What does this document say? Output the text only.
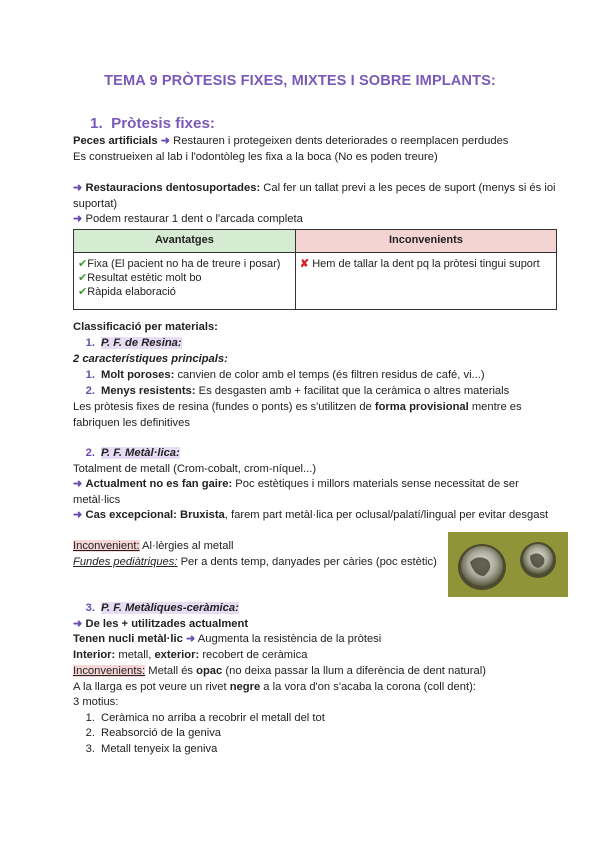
TEMA 9 PRÒTESIS FIXES, MIXTES I SOBRE IMPLANTS:
1. Pròtesis fixes:
Peces artificials ➜ Restauren i protegeixen dents deteriorades o reemplacen perdudes
Es construeixen al lab i l'odontòleg les fixa a la boca (No es poden treure)
➜ Restauracions dentosuportades: Cal fer un tallat previ a les peces de suport (menys si és ioi suportat)
➜ Podem restaurar 1 dent o l'arcada completa
Avantatges	Inconvenients

✔Fixa (El pacient no ha de treure i posar)
✔Resultat estètic molt bo
✔Ràpida elaboració	✘ Hem de tallar la dent pq la pròtesi tingui suport
Classificació per materials:
1. P. F. de Resina:
2 característiques principals:
1. Molt poroses: canvien de color amb el temps (és filtren residus de café, vi...)
2. Menys resistents: Es desgasten amb + facilitat que la ceràmica o altres materials
Les pròtesis fixes de resina (fundes o ponts) es s'utilitzen de forma provisional mentre es fabriquen les definitives
2. P. F. Metàl·lica:
Totalment de metall (Crom-cobalt, crom-níquel...)
➜ Actualment no es fan gaire: Poc estètiques i millors materials sense necessitat de ser metàl·lics
➜ Cas excepcional: Bruxista, farem part metàl·lica per oclusal/palatí/lingual per evitar desgast
Inconvenient: Al·lèrgies al metall
Fundes pediàtriques: Per a dents temp, danyades per càries (poc estètic)
3. P. F. Metàliques-ceràmica:
➜ De les + utilitzades actualment
Tenen nucli metàl·lic ➜ Augmenta la resistència de la pròtesi
Interior: metall, exterior: recobert de ceràmica
Inconvenients: Metall és opac (no deixa passar la llum a diferència de dent natural)
A la llarga es pot veure un rivet negre a la vora d'on s'acaba la corona (coll dent):
3 motius:
1. Ceràmica no arriba a recobrir el metall del tot
2. Reabsorció de la geniva
3. Metall tenyeix la geniva
